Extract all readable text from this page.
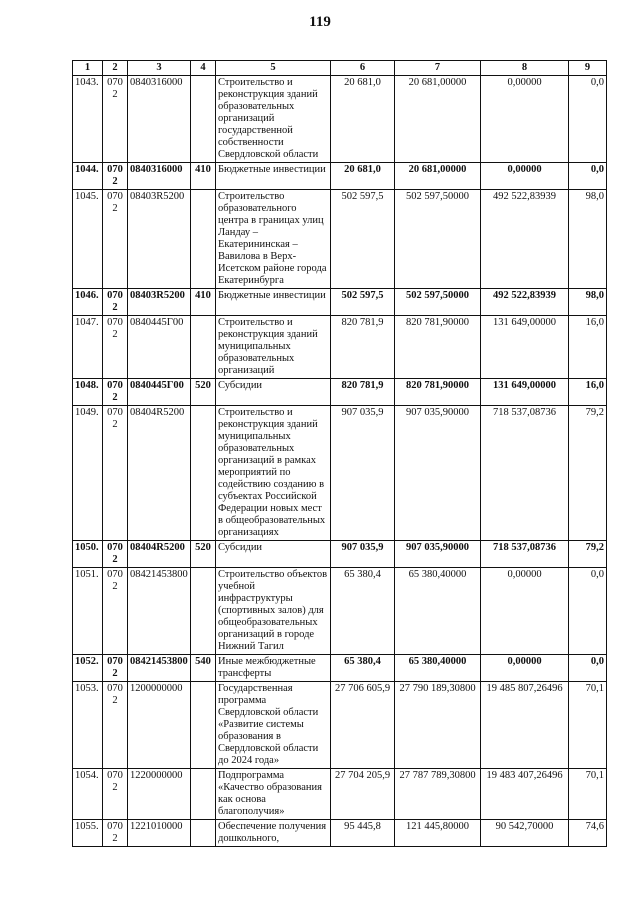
119
1	2	3	4	5	6	7	8	9
1043.	0702	0840316000		Строительство и реконструкция зданий образовательных организаций государственной собственности Свердловской области	20 681,0	20 681,00000	0,00000	0,0
1044.	0702	0840316000	410	Бюджетные инвестиции	20 681,0	20 681,00000	0,00000	0,0
1045.	0702	08403R5200		Строительство образовательного центра в границах улиц Ландау – Екатерининская – Вавилова в Верх-Исетском районе города Екатеринбурга	502 597,5	502 597,50000	492 522,83939	98,0
1046.	0702	08403R5200	410	Бюджетные инвестиции	502 597,5	502 597,50000	492 522,83939	98,0
1047.	0702	0840445Г00		Строительство и реконструкция зданий муниципальных образовательных организаций	820 781,9	820 781,90000	131 649,00000	16,0
1048.	0702	0840445Г00	520	Субсидии	820 781,9	820 781,90000	131 649,00000	16,0
1049.	0702	08404R5200		Строительство и реконструкция зданий муниципальных образовательных организаций в рамках мероприятий по содействию созданию в субъектах Российской Федерации новых мест в общеобразовательных организациях	907 035,9	907 035,90000	718 537,08736	79,2
1050.	0702	08404R5200	520	Субсидии	907 035,9	907 035,90000	718 537,08736	79,2
1051.	0702	08421453800		Строительство объектов учебной инфраструктуры (спортивных залов) для общеобразовательных организаций в городе Нижний Тагил	65 380,4	65 380,40000	0,00000	0,0
1052.	0702	08421453800	540	Иные межбюджетные трансферты	65 380,4	65 380,40000	0,00000	0,0
1053.	0702	1200000000		Государственная программа Свердловской области «Развитие системы образования в Свердловской области до 2024 года»	27 706 605,9	27 790 189,30800	19 485 807,26496	70,1
1054.	0702	1220000000		Подпрограмма «Качество образования как основа благополучия»	27 704 205,9	27 787 789,30800	19 483 407,26496	70,1
1055.	0702	1221010000		Обеспечение получения дошкольного,	95 445,8	121 445,80000	90 542,70000	74,6
